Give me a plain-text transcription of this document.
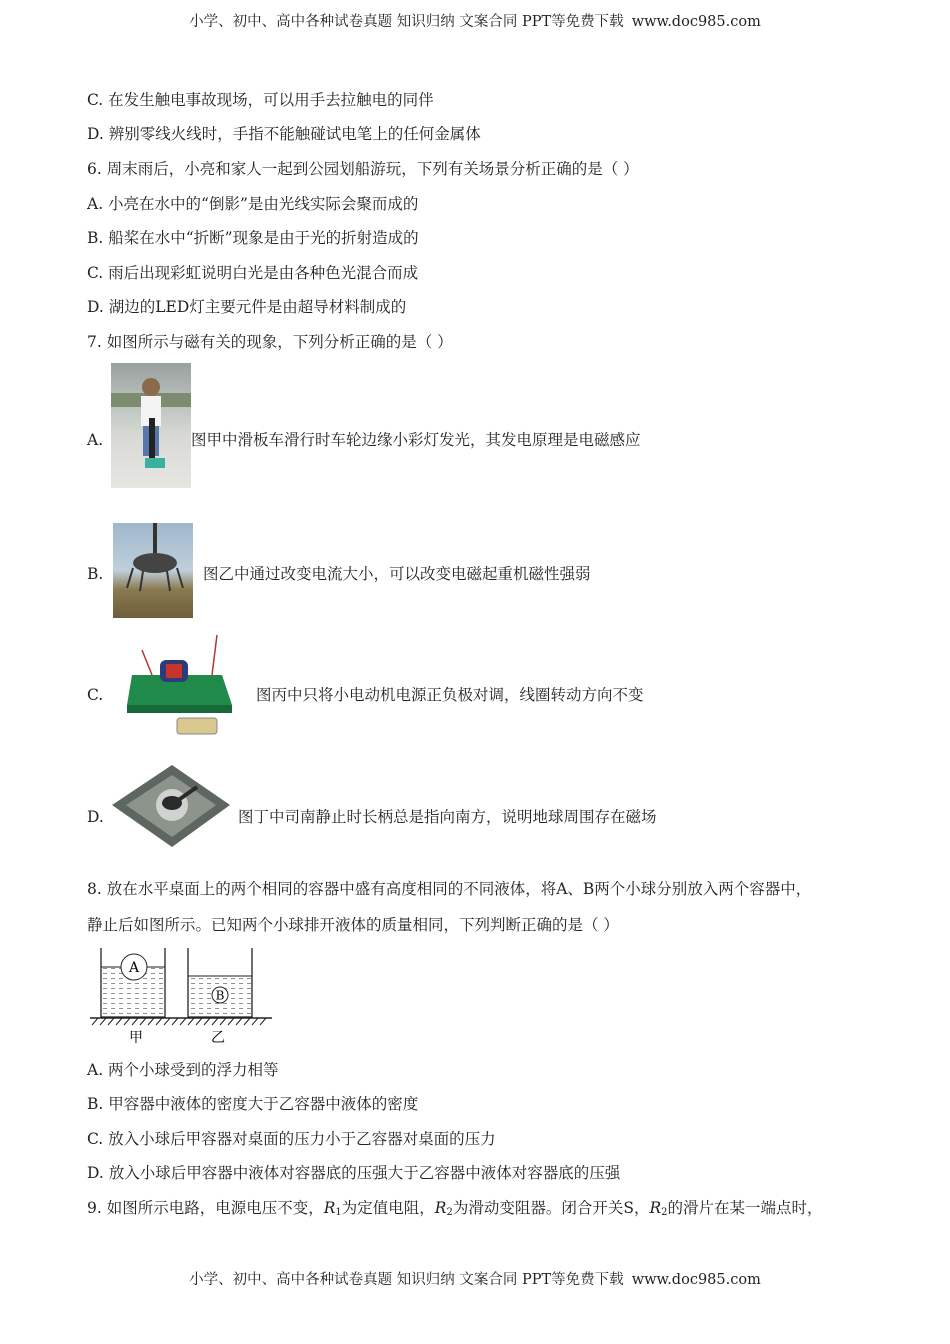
小学、初中、高中各种试卷真题 知识归纳 文案合同 PPT等免费下载 www.doc985.com
C. 在发生触电事故现场，可以用手去拉触电的同伴
D. 辨别零线火线时，手指不能触碰试电笔上的任何金属体
6. 周末雨后，小亮和家人一起到公园划船游玩，下列有关场景分析正确的是（ ）
A. 小亮在水中的“倒影”是由光线实际会聚而成的
B. 船桨在水中“折断”现象是由于光的折射造成的
C. 雨后出现彩虹说明白光是由各种色光混合而成
D. 湖边的LED灯主要元件是由超导材料制成的
7. 如图所示与磁有关的现象，下列分析正确的是（ ）
A.	图甲中滑板车滑行时车轮边缘小彩灯发光，其发电原理是电磁感应
B.	图乙中通过改变电流大小，可以改变电磁起重机磁性强弱
C.	图丙中只将小电动机电源正负极对调，线圈转动方向不变
D.	图丁中司南静止时长柄总是指向南方，说明地球周围存在磁场
8. 放在水平桌面上的两个相同的容器中盛有高度相同的不同液体，将A、B两个小球分别放入两个容器中，
静止后如图所示。已知两个小球排开液体的质量相同，下列判断正确的是（ ）
A
B
甲	乙
A. 两个小球受到的浮力相等
B. 甲容器中液体的密度大于乙容器中液体的密度
C. 放入小球后甲容器对桌面的压力小于乙容器对桌面的压力
D. 放入小球后甲容器中液体对容器底的压强大于乙容器中液体对容器底的压强
9. 如图所示电路，电源电压不变，$R_1$为定值电阻，$R_2$为滑动变阻器。闭合开关S，$R_2$的滑片在某一端点时，
小学、初中、高中各种试卷真题 知识归纳 文案合同 PPT等免费下载 www.doc985.com
